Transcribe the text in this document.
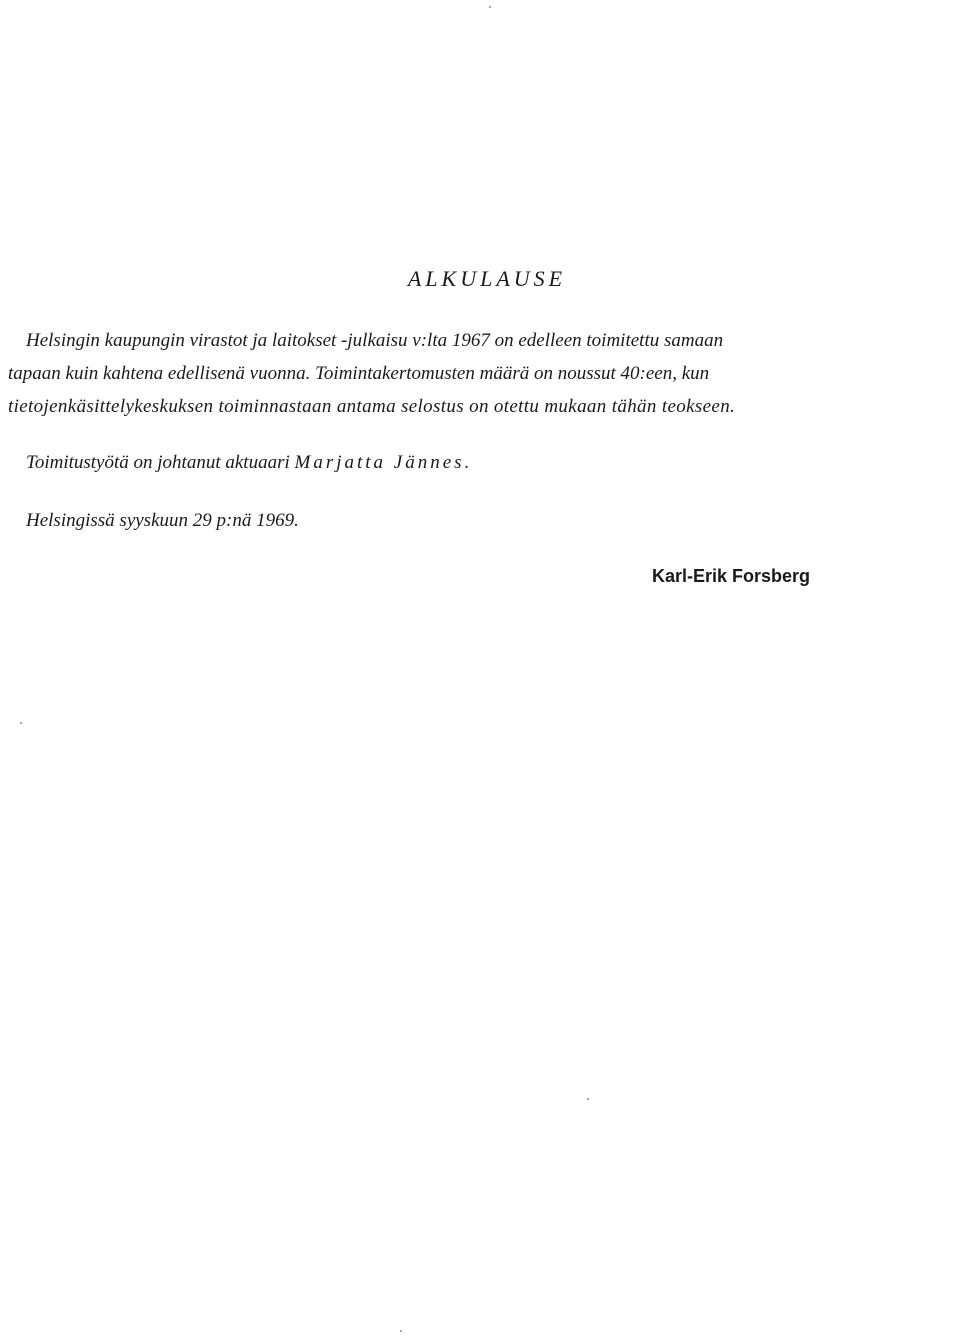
ALKULAUSE

Helsingin kaupungin virastot ja laitokset -julkaisu v:lta 1967 on edelleen toimitettu samaan

tapaan kuin kahtena edellisenä vuonna. Toimintakertomusten määrä on noussut 40:een, kun

tietojenkäsittelykeskuksen toiminnastaan antama selostus on otettu mukaan tähän teokseen.

Toimitustyötä on johtanut aktuaari Marjatta Jännes.

Helsingissä syyskuun 29 p:nä 1969.

Karl-Erik Forsberg
